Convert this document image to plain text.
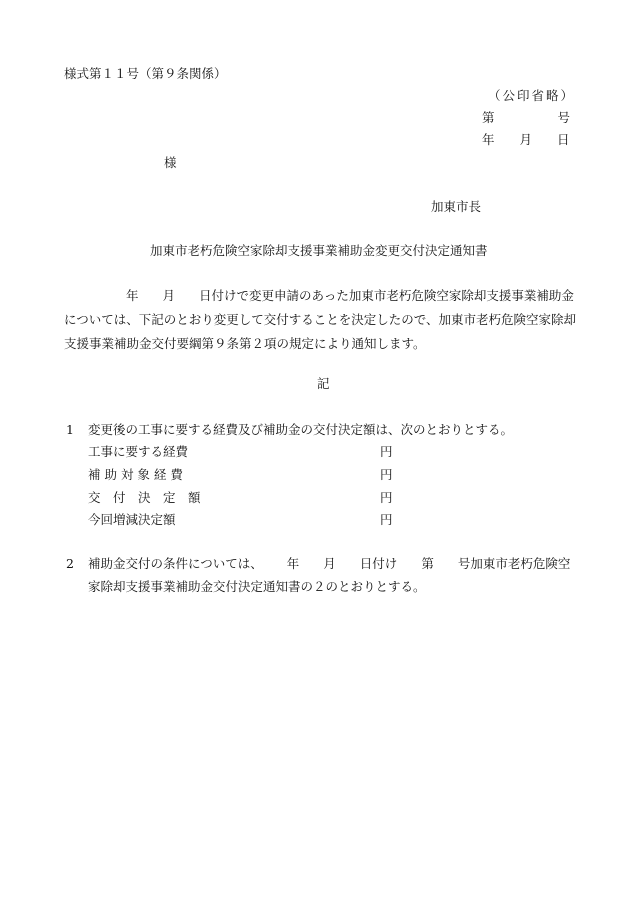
様式第１１号（第９条関係）
（公印省略）
第	号
年 月 日
様
加東市長
加東市老朽危険空家除却支援事業補助金変更交付決定通知書
年 月 日付けで変更申請のあった加東市老朽危険空家除却支援事業補助金
については、下記のとおり変更して交付することを決定したので、加東市老朽危険空家除却
支援事業補助金交付要綱第９条第２項の規定により通知します。
記
1 変更後の工事に要する経費及び補助金の交付決定額は、次のとおりとする。
工事に要する経費	円
補 助 対 象 経 費	円
交　付　決　定　額	円
今回増減決定額	円
2 補助金交付の条件については、 年 月 日付け 第 号加東市老朽危険空
家除却支援事業補助金交付決定通知書の２のとおりとする。
